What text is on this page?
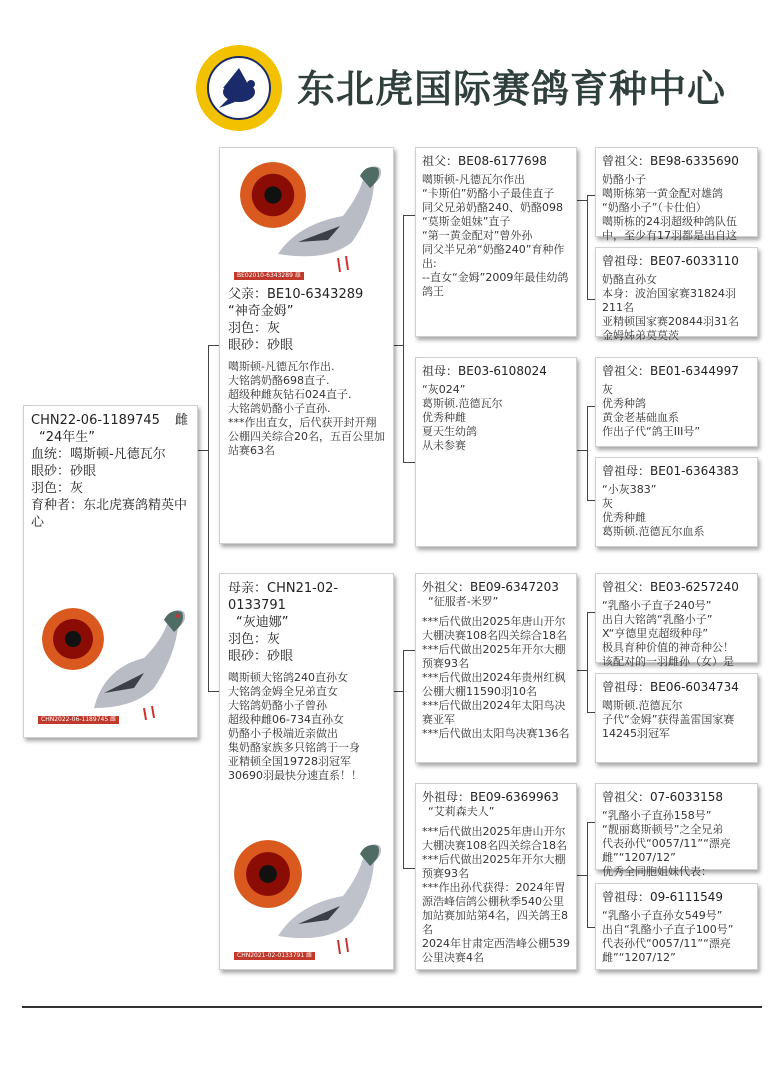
东北虎国际赛鸽育种中心
CHN22-06-1189745 雌
“24年生”
血统：噶斯顿-凡德瓦尔
眼砂：砂眼
羽色：灰
育种者：东北虎赛鸽精英中心
CHN2022-06-1189745 雌
BE02010-6343289 雄
父亲：BE10-6343289
“神奇金姆”
羽色：灰
眼砂：砂眼
噶斯顿-凡德瓦尔作出.
大铭鸽奶酪698直子.
超级种雌灰钻石024直子.
大铭鸽奶酪小子直孙.
***作出直女，后代获开封开翔公棚四关综合20名，五百公里加站赛63名
母亲：CHN21-02-0133791
“灰迪娜”
羽色：灰
眼砂：砂眼
噶斯顿大铭鸽240直孙女
大铭鸽金姆全兄弟直女
大铭鸽奶酪小子曾孙
超级种雌06-734直孙女
奶酪小子极端近亲做出
集奶酪家族多只铭鸽于一身
亚精顿全国19728羽冠军
30690羽最快分速直系！！
CHN2021-02-0133791 雌
祖父：BE08-6177698
噶斯顿-凡德瓦尔作出
“卡斯伯”奶酪小子最佳直子
同父兄弟奶酪240、奶酪098
“莫斯金姐妹”直子
“第一黄金配对”曾外孙
同父半兄弟“奶酪240”育种作出:
--直女“金姆”2009年最佳幼鸽鸽王
祖母：BE03-6108024
“灰024”
葛斯顿.范德瓦尔
优秀种雌
夏天生幼鸽
从未参赛
外祖父：BE09-6347203
“征服者-米罗”
***后代做出2025年唐山开尔大棚决赛108名四关综合18名
***后代做出2025年开尔大棚预赛93名
***后代做出2024年贵州红枫公棚大棚11590羽10名
***后代做出2024年太阳鸟决赛亚军
***后代做出太阳鸟决赛136名
外祖母：BE09-6369963
“艾莉森夫人”
***后代做出2025年唐山开尔大棚决赛108名四关综合18名
***后代做出2025年开尔大棚预赛93名
***作出孙代获得：2024年胃源浩峰信鸽公棚秋季540公里加站赛加站第4名，四关鸽王8名
2024年甘肃定西浩峰公棚539公里决赛4名
曾祖父：BE98-6335690
奶酪小子
噶斯栋第一黄金配对雄鸽
“奶酪小子”（卡仕伯）
噶斯栋的24羽超级种鸽队伍中，至少有17羽都是出自这
曾祖母：BE07-6033110
奶酪直孙女
本身：波治国家赛31824羽211名
亚精顿国家赛20844羽31名
金姆姊弟莫莫茨
曾祖父：BE01-6344997
灰
优秀种鸽
黄金老基础血系
作出子代“鸽王III号”
曾祖母：BE01-6364383
“小灰383”
灰
优秀种雌
葛斯顿.范德瓦尔血系
曾祖父：BE03-6257240
“乳酪小子直子240号”
出自大铭鸽“乳酪小子”
X“亨德里克超级种母”
极具育种价值的神奇种公！
该配对的一羽雌孙（女）是
曾祖母：BE06-6034734
噶斯顿.范德瓦尔
子代“金姆”获得盖雷国家赛14245羽冠军
曾祖父：07-6033158
“乳酪小子直孙158号”
“靓丽葛斯顿号”之全兄弟
代表孙代“0057/11”“漂亮雌”“1207/12”
优秀全同胞姐妹代表：
曾祖母：09-6111549
“乳酪小子直孙女549号”
出自“乳酪小子直子100号”
代表孙代“0057/11”“漂亮雌”“1207/12”
